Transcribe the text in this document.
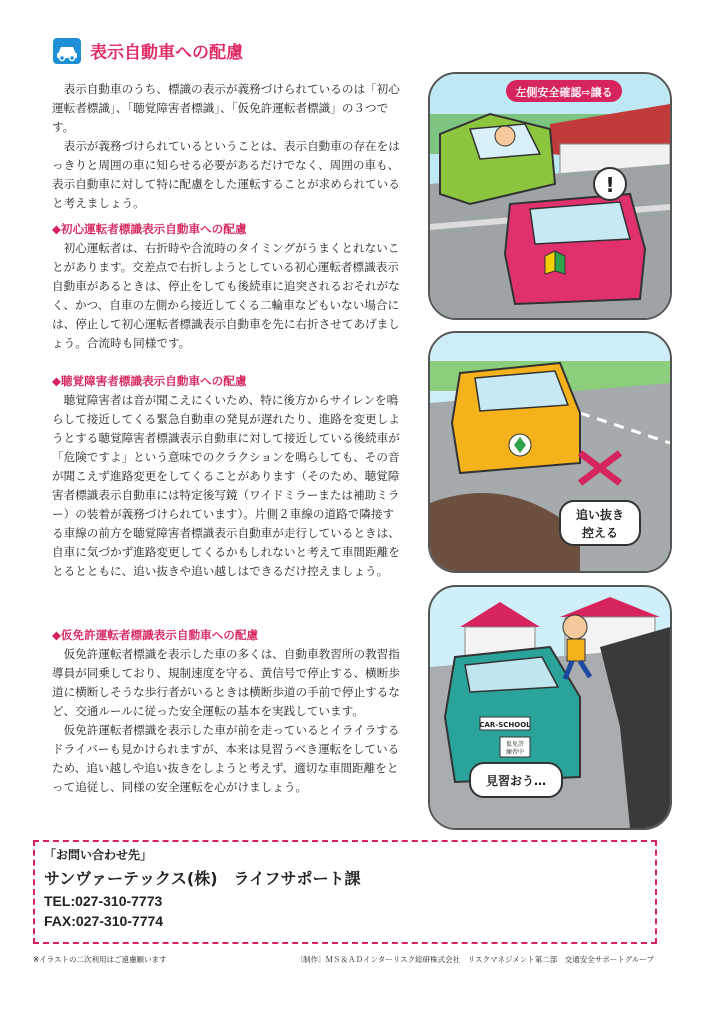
表示自動車への配慮

表示自動車のうち、標識の表示が義務づけられているのは「初心運転者標識」、「聴覚障害者標識」、「仮免許運転者標識」の３つです。

表示が義務づけられているということは、表示自動車の存在をはっきりと周囲の車に知らせる必要があるだけでなく、周囲の車も、表示自動車に対して特に配慮をした運転することが求められていると考えましょう。

◆初心運転者標識表示自動車への配慮

初心運転者は、右折時や合流時のタイミングがうまくとれないことがあります。交差点で右折しようとしている初心運転者標識表示自動車があるときは、停止をしても後続車に追突されるおそれがなく、かつ、自車の左側から接近してくる二輪車などもいない場合には、停止して初心運転者標識表示自動車を先に右折させてあげましょう。合流時も同様です。

◆聴覚障害者標識表示自動車への配慮

聴覚障害者は音が聞こえにくいため、特に後方からサイレンを鳴らして接近してくる緊急自動車の発見が遅れたり、進路を変更しようとする聴覚障害者標識表示自動車に対して接近している後続車が「危険ですよ」という意味でのクラクションを鳴らしても、その音が聞こえず進路変更をしてくることがあります（そのため、聴覚障害者標識表示自動車には特定後写鏡（ワイドミラーまたは補助ミラー）の装着が義務づけられています）。片側２車線の道路で隣接する車線の前方を聴覚障害者標識表示自動車が走行しているときは、自車に気づかず進路変更してくるかもしれないと考えて車間距離をとるとともに、追い抜きや追い越しはできるだけ控えましょう。

◆仮免許運転者標識表示自動車への配慮

仮免許運転者標識を表示した車の多くは、自動車教習所の教習指導員が同乗しており、規制速度を守る、黄信号で停止する、横断歩道に横断しそうな歩行者がいるときは横断歩道の手前で停止するなど、交通ルールに従った安全運転の基本を実践しています。

仮免許運転者標識を表示した車が前を走っているとイライラするドライバーも見かけられますが、本来は見習うべき運転をしているため、追い越しや追い抜きをしようと考えず、適切な車間距離をとって追従し、同様の安全運転を心がけましょう。

左側安全確認⇨譲る
!
追い抜き
控える
CAR-SCHOOL
仮免許
練習中
見習おう…
「お問い合わせ先」
サンヴァーテックス(株)　ライフサポート課
TEL:027-310-7773
FAX:027-310-7774
※イラストの二次利用はご遠慮願います	〔制作〕ＭＳ＆ＡＤインターリスク総研株式会社　リスクマネジメント第二部　交通安全サポートグループ
